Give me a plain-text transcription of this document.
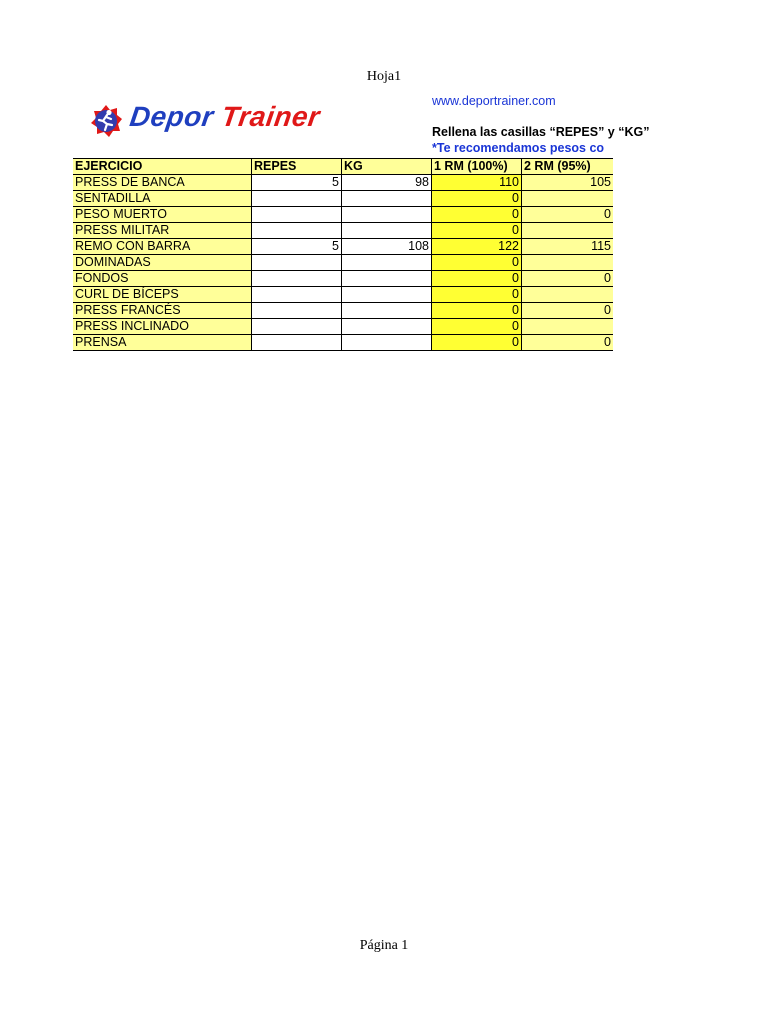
Hoja1
Depor Trainer	www.deportrainer.com
Rellena las casillas “REPES” y “KG”
*Te recomendamos pesos co
EJERCICIO	REPES	KG	1 RM (100%)	2 RM (95%)
PRESS DE BANCA	5	98	110	105
SENTADILLA			0	
PESO MUERTO			0	0
PRESS MILITAR			0	
REMO CON BARRA	5	108	122	115
DOMINADAS			0	
FONDOS			0	0
CURL DE BÍCEPS			0	
PRESS FRANCÉS			0	0
PRESS INCLINADO			0	
PRENSA			0	0
Página 1
